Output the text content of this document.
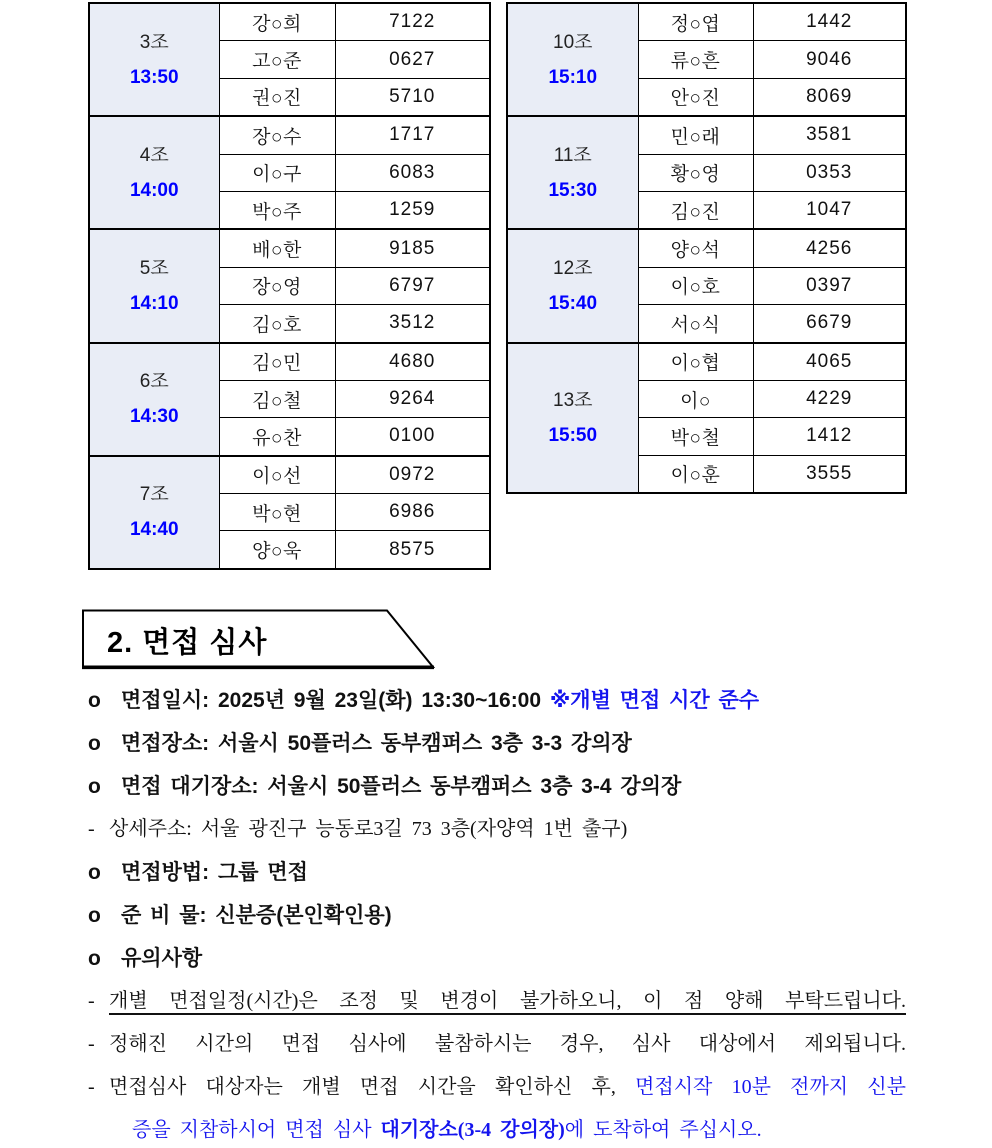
3조
13:50	강○희	7122
	고○준	0627
	권○진	5710

4조
14:00	장○수	1717
	이○구	6083
	박○주	1259

5조
14:10	배○한	9185
	장○영	6797
	김○호	3512

6조
14:30	김○민	4680
	김○철	9264
	유○찬	0100

7조
14:40	이○선	0972
	박○현	6986
	양○욱	8575
10조
15:10	정○엽	1442
	류○흔	9046
	안○진	8069

11조
15:30	민○래	3581
	황○영	0353
	김○진	1047

12조
15:40	양○석	4256
	이○호	0397
	서○식	6679

13조
15:50	이○협	4065
	이○	4229
	박○철	1412
	이○훈	3555
2. 면접 심사
o 면접일시: 2025년 9월 23일(화) 13:30~16:00 ※개별 면접 시간 준수
o 면접장소: 서울시 50플러스 동부캠퍼스 3층 3-3 강의장
o 면접 대기장소: 서울시 50플러스 동부캠퍼스 3층 3-4 강의장
- 상세주소: 서울 광진구 능동로3길 73 3층(자양역 1번 출구)
o 면접방법: 그룹 면접
o 준 비 물: 신분증(본인확인용)
o 유의사항
- 개별 면접일정(시간)은 조정 및 변경이 불가하오니, 이 점 양해 부탁드립니다.
- 정해진 시간의 면접 심사에 불참하시는 경우, 심사 대상에서 제외됩니다.
- 면접심사 대상자는 개별 면접 시간을 확인하신 후, 면접시작 10분 전까지 신분
증을 지참하시어 면접 심사 대기장소(3-4 강의장)에 도착하여 주십시오.
